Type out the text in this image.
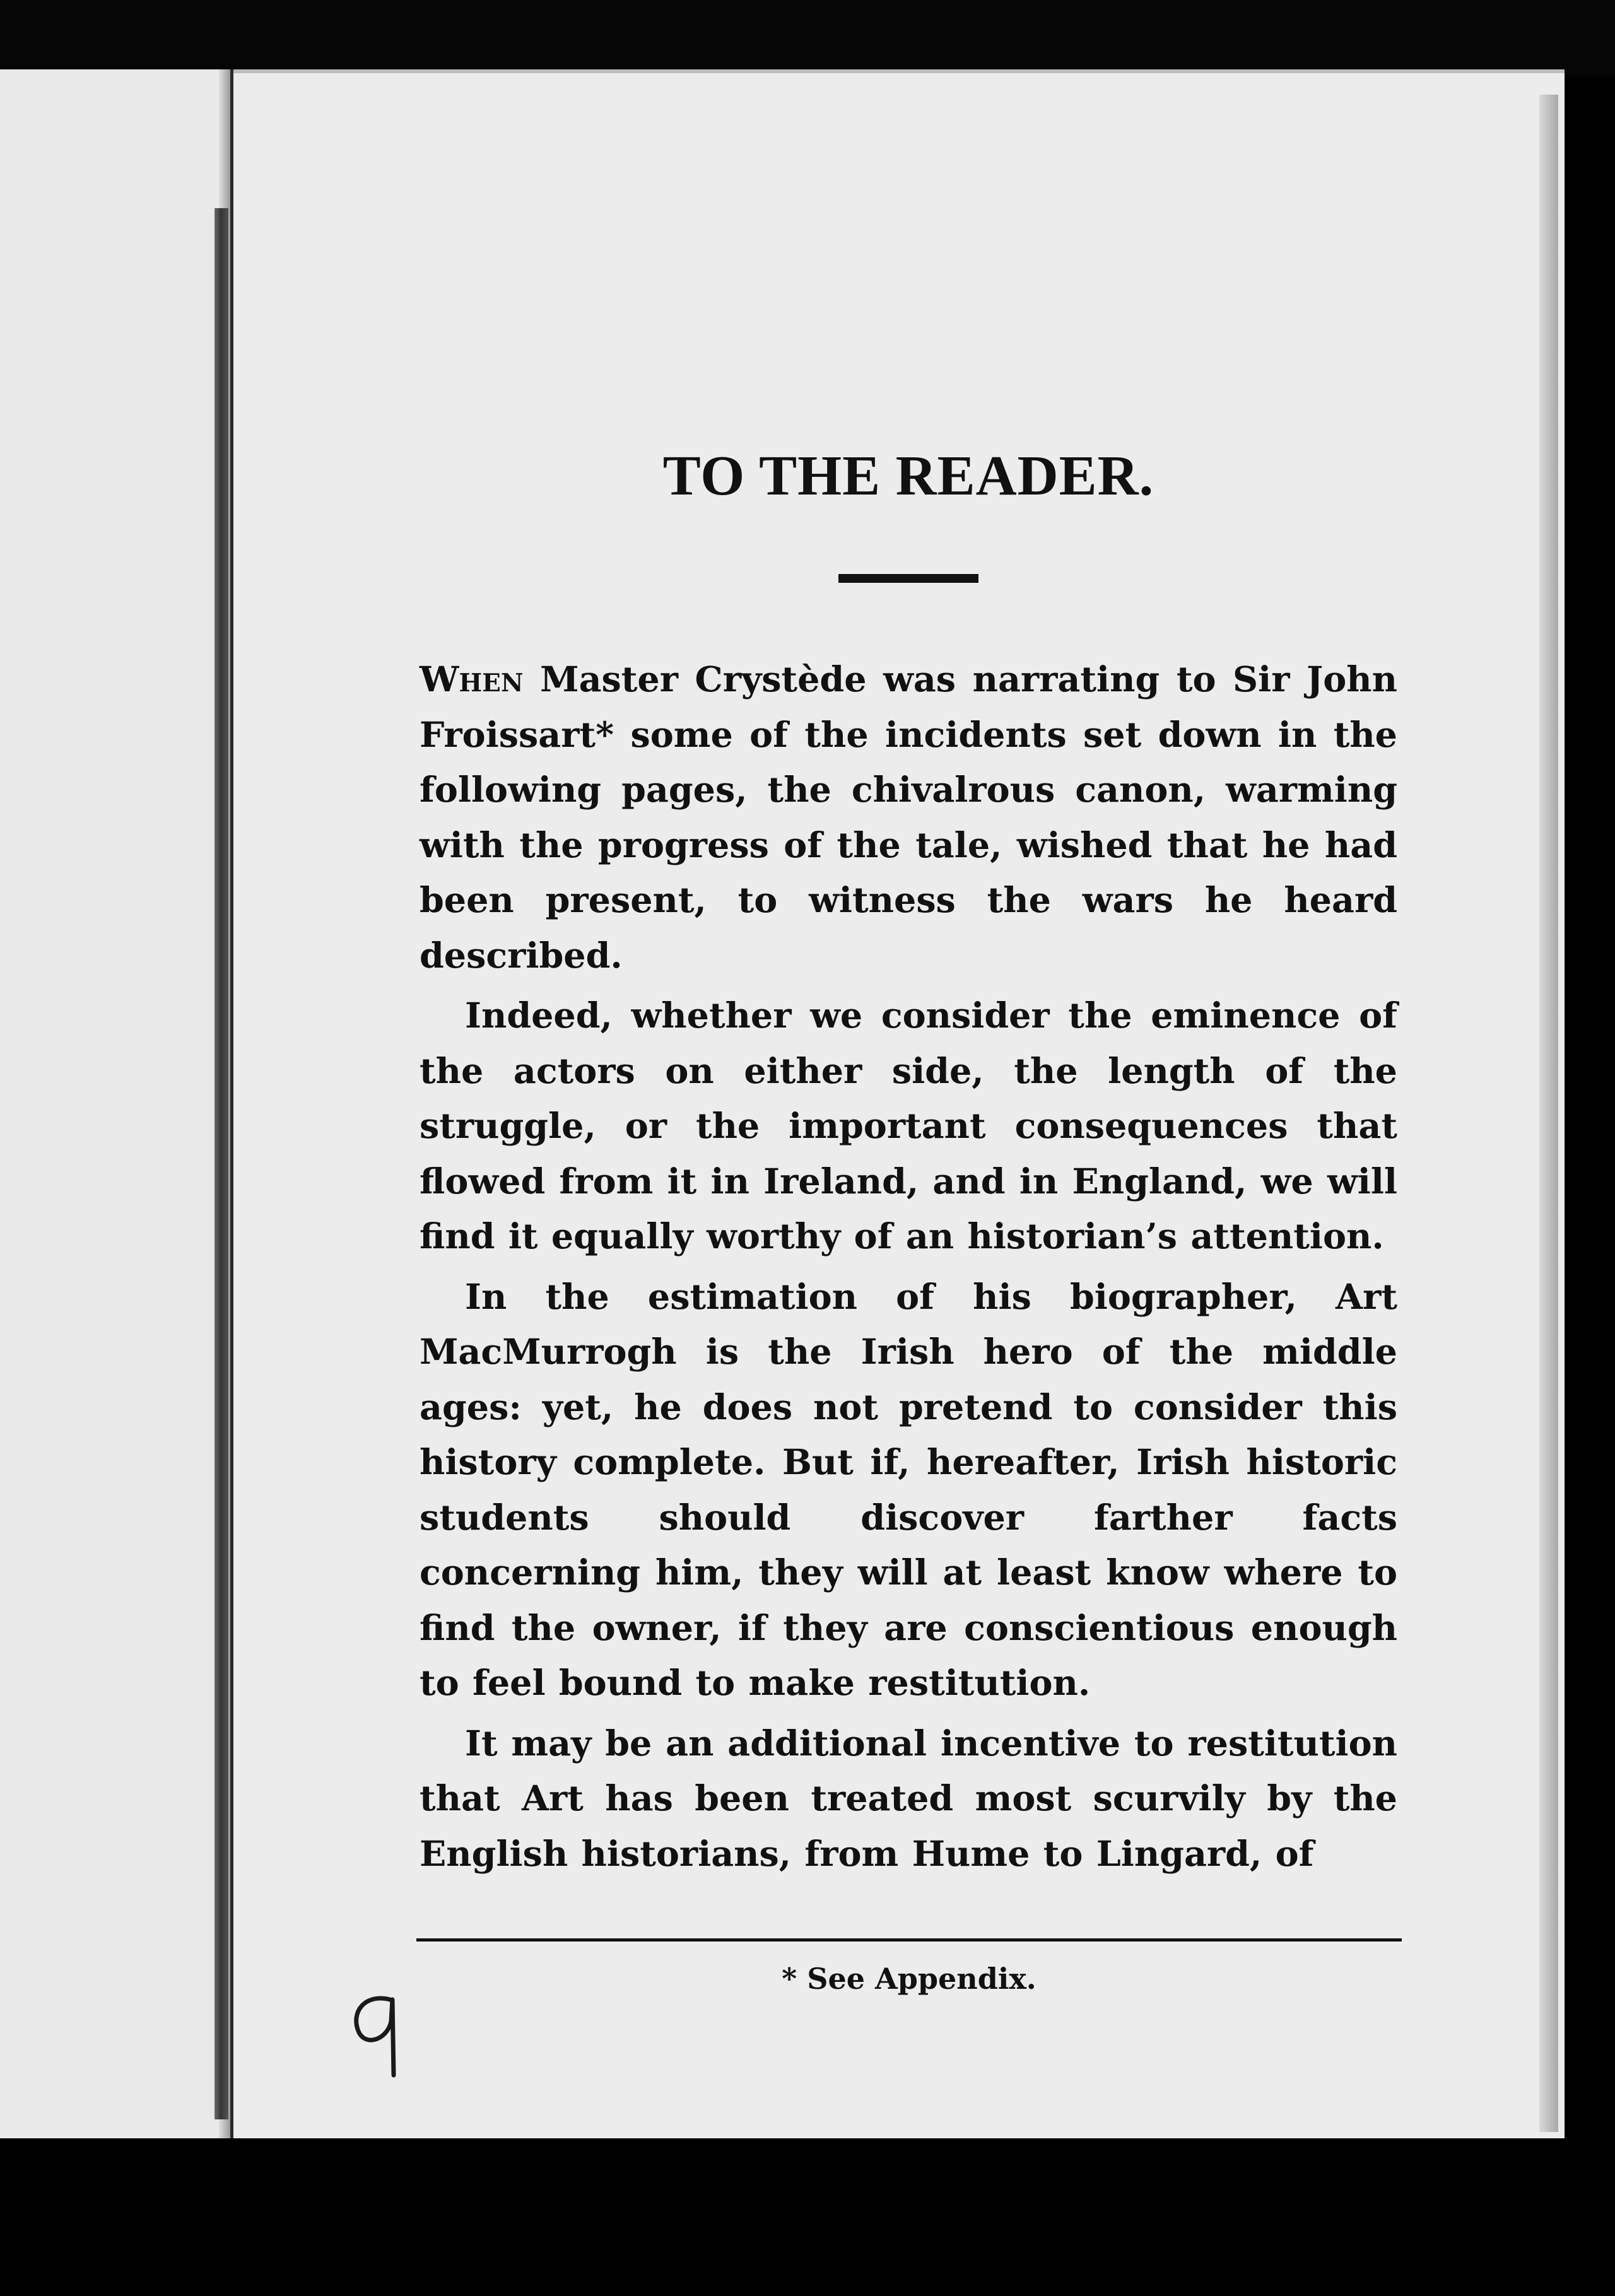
TO THE READER.

When Master Crystède was narrating to Sir John Froissart* some of the incidents set down in the following pages, the chivalrous canon, warming with the progress of the tale, wished that he had been present, to witness the wars he heard described.

Indeed, whether we consider the eminence of the actors on either side, the length of the struggle, or the important consequences that flowed from it in Ireland, and in England, we will find it equally worthy of an historian’s attention.

In the estimation of his biographer, Art MacMurrogh is the Irish hero of the middle ages: yet, he does not pretend to consider this history complete. But if, hereafter, Irish historic students should discover farther facts concerning him, they will at least know where to find the owner, if they are conscientious enough to feel bound to make restitution.

It may be an additional incentive to restitution that Art has been treated most scurvily by the English historians, from Hume to Lingard, of

* See Appendix.
